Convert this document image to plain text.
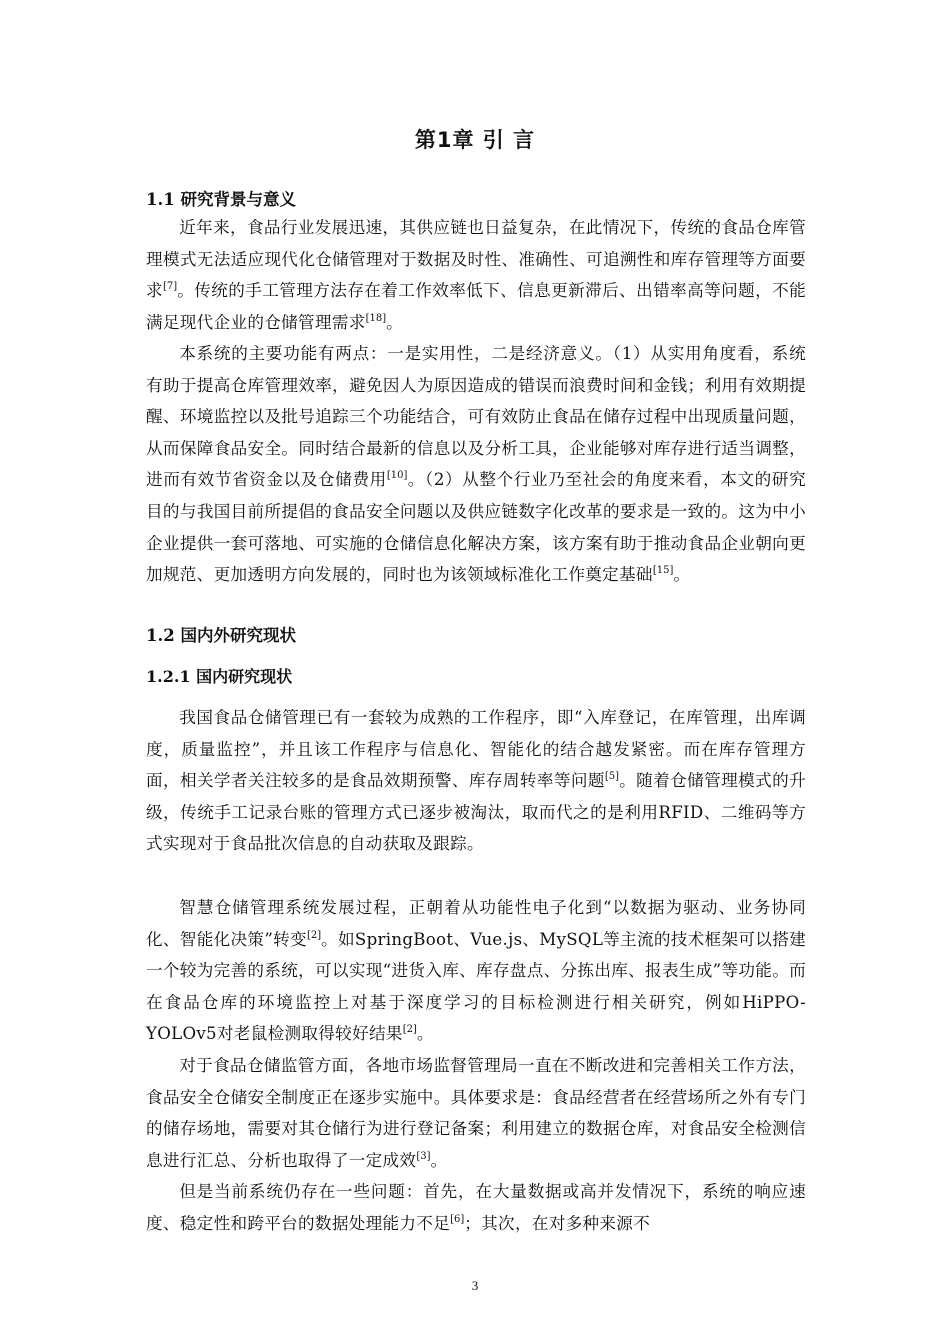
第1章 引 言
1.1 研究背景与意义
近年来，食品行业发展迅速，其供应链也日益复杂，在此情况下，传统的食品仓库管理模式无法适应现代化仓储管理对于数据及时性、准确性、可追溯性和库存管理等方面要求[7]。传统的手工管理方法存在着工作效率低下、信息更新滞后、出错率高等问题，不能满足现代企业的仓储管理需求[18]。
本系统的主要功能有两点：一是实用性，二是经济意义。（1）从实用角度看，系统有助于提高仓库管理效率，避免因人为原因造成的错误而浪费时间和金钱；利用有效期提醒、环境监控以及批号追踪三个功能结合，可有效防止食品在储存过程中出现质量问题，从而保障食品安全。同时结合最新的信息以及分析工具，企业能够对库存进行适当调整，进而有效节省资金以及仓储费用[10]。（2）从整个行业乃至社会的角度来看，本文的研究目的与我国目前所提倡的食品安全问题以及供应链数字化改革的要求是一致的。这为中小企业提供一套可落地、可实施的仓储信息化解决方案，该方案有助于推动食品企业朝向更加规范、更加透明方向发展的，同时也为该领域标准化工作奠定基础[15]。
1.2 国内外研究现状
1.2.1 国内研究现状
我国食品仓储管理已有一套较为成熟的工作程序，即“入库登记，在库管理，出库调度，质量监控”，并且该工作程序与信息化、智能化的结合越发紧密。而在库存管理方面，相关学者关注较多的是食品效期预警、库存周转率等问题[5]。随着仓储管理模式的升级，传统手工记录台账的管理方式已逐步被淘汰，取而代之的是利用RFID、二维码等方式实现对于食品批次信息的自动获取及跟踪。
智慧仓储管理系统发展过程，正朝着从功能性电子化到“以数据为驱动、业务协同化、智能化决策”转变[2]。如SpringBoot、Vue.js、MySQL等主流的技术框架可以搭建一个较为完善的系统，可以实现“进货入库、库存盘点、分拣出库、报表生成”等功能。而在食品仓库的环境监控上对基于深度学习的目标检测进行相关研究，例如HiPPO-YOLOv5对老鼠检测取得较好结果[2]。
对于食品仓储监管方面，各地市场监督管理局一直在不断改进和完善相关工作方法，食品安全仓储安全制度正在逐步实施中。具体要求是：食品经营者在经营场所之外有专门的储存场地，需要对其仓储行为进行登记备案；利用建立的数据仓库，对食品安全检测信息进行汇总、分析也取得了一定成效[3]。
但是当前系统仍存在一些问题：首先，在大量数据或高并发情况下，系统的响应速度、稳定性和跨平台的数据处理能力不足[6]；其次，在对多种来源不
3
